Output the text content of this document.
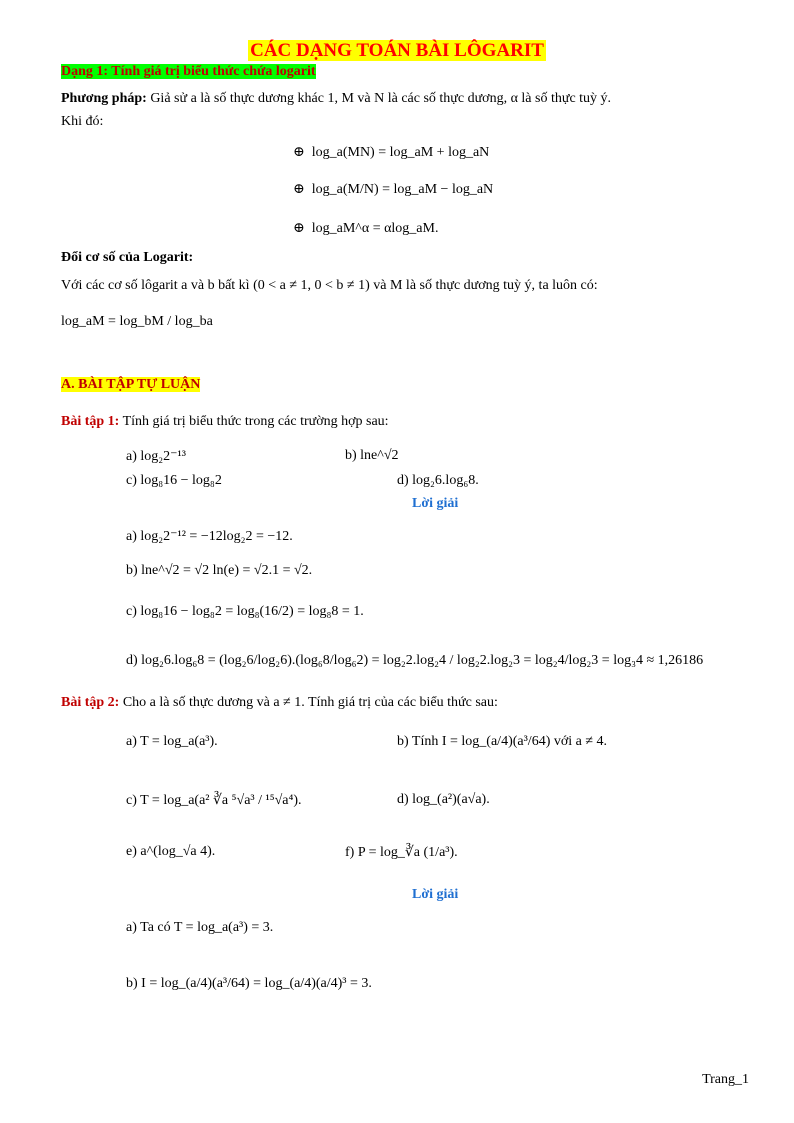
CÁC DẠNG TOÁN BÀI LÔGARIT
Dạng 1: Tính giá trị biểu thức chứa logarit
Phương pháp: Giả sử a là số thực dương khác 1, M và N là các số thực dương, α là số thực tuỳ ý.
Khi đó:
⊕ log_a(MN) = log_aM + log_aN
⊕ log_a(M/N) = log_aM − log_aN
⊕ log_aM^α = αlog_aM.
Đổi cơ số của Logarit:
Với các cơ số lôgarit a và b bất kì (0 < a ≠ 1, 0 < b ≠ 1) và M là số thực dương tuỳ ý, ta luôn có:
log_aM = log_bM / log_ba
A. BÀI TẬP TỰ LUẬN
Bài tập 1: Tính giá trị biểu thức trong các trường hợp sau:
a) log₂2⁻¹³	b) lne^√2
c) log₈16 − log₈2	d) log₂6.log₆8.
Lời giải
a) log₂2⁻¹² = −12log₂2 = −12.
b) lne^√2 = √2 ln(e) = √2.1 = √2.
c) log₈16 − log₈2 = log₈(16/2) = log₈8 = 1.
d) log₂6.log₆8 = (log₂6/log₂6).(log₆8/log₆2) = log₂2.log₂4 / log₂2.log₂3 = log₂4/log₂3 = log₃4 ≈ 1,26186
Bài tập 2: Cho a là số thực dương và a ≠ 1. Tính giá trị của các biểu thức sau:
a) T = log_a(a³).	b) Tính I = log_(a/4)(a³/64) với a ≠ 4.
c) T = log_a(a² ∛a ⁵√a³ / ¹⁵√a⁴).	d) log_(a²)(a√a).
e) a^(log_√a 4).	f) P = log_∛a (1/a³).
Lời giải
a) Ta có T = log_a(a³) = 3.
b) I = log_(a/4)(a³/64) = log_(a/4)(a/4)³ = 3.
Trang_1
